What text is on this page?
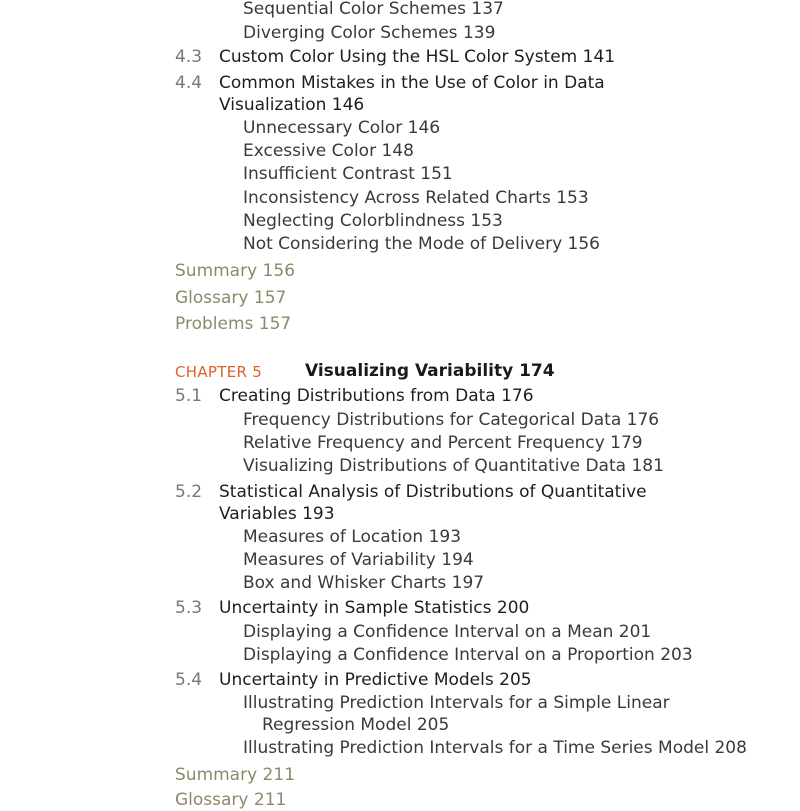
Sequential Color Schemes 137
Diverging Color Schemes 139
4.3 Custom Color Using the HSL Color System 141
4.4 Common Mistakes in the Use of Color in Data
Visualization 146
Unnecessary Color 146
Excessive Color 148
Insufficient Contrast 151
Inconsistency Across Related Charts 153
Neglecting Colorblindness 153
Not Considering the Mode of Delivery 156
Summary 156
Glossary 157
Problems 157
CHAPTER 5	Visualizing Variability 174
5.1 Creating Distributions from Data 176
Frequency Distributions for Categorical Data 176
Relative Frequency and Percent Frequency 179
Visualizing Distributions of Quantitative Data 181
5.2 Statistical Analysis of Distributions of Quantitative
Variables 193
Measures of Location 193
Measures of Variability 194
Box and Whisker Charts 197
5.3 Uncertainty in Sample Statistics 200
Displaying a Confidence Interval on a Mean 201
Displaying a Confidence Interval on a Proportion 203
5.4 Uncertainty in Predictive Models 205
Illustrating Prediction Intervals for a Simple Linear
Regression Model 205
Illustrating Prediction Intervals for a Time Series Model 208
Summary 211
Glossary 211
